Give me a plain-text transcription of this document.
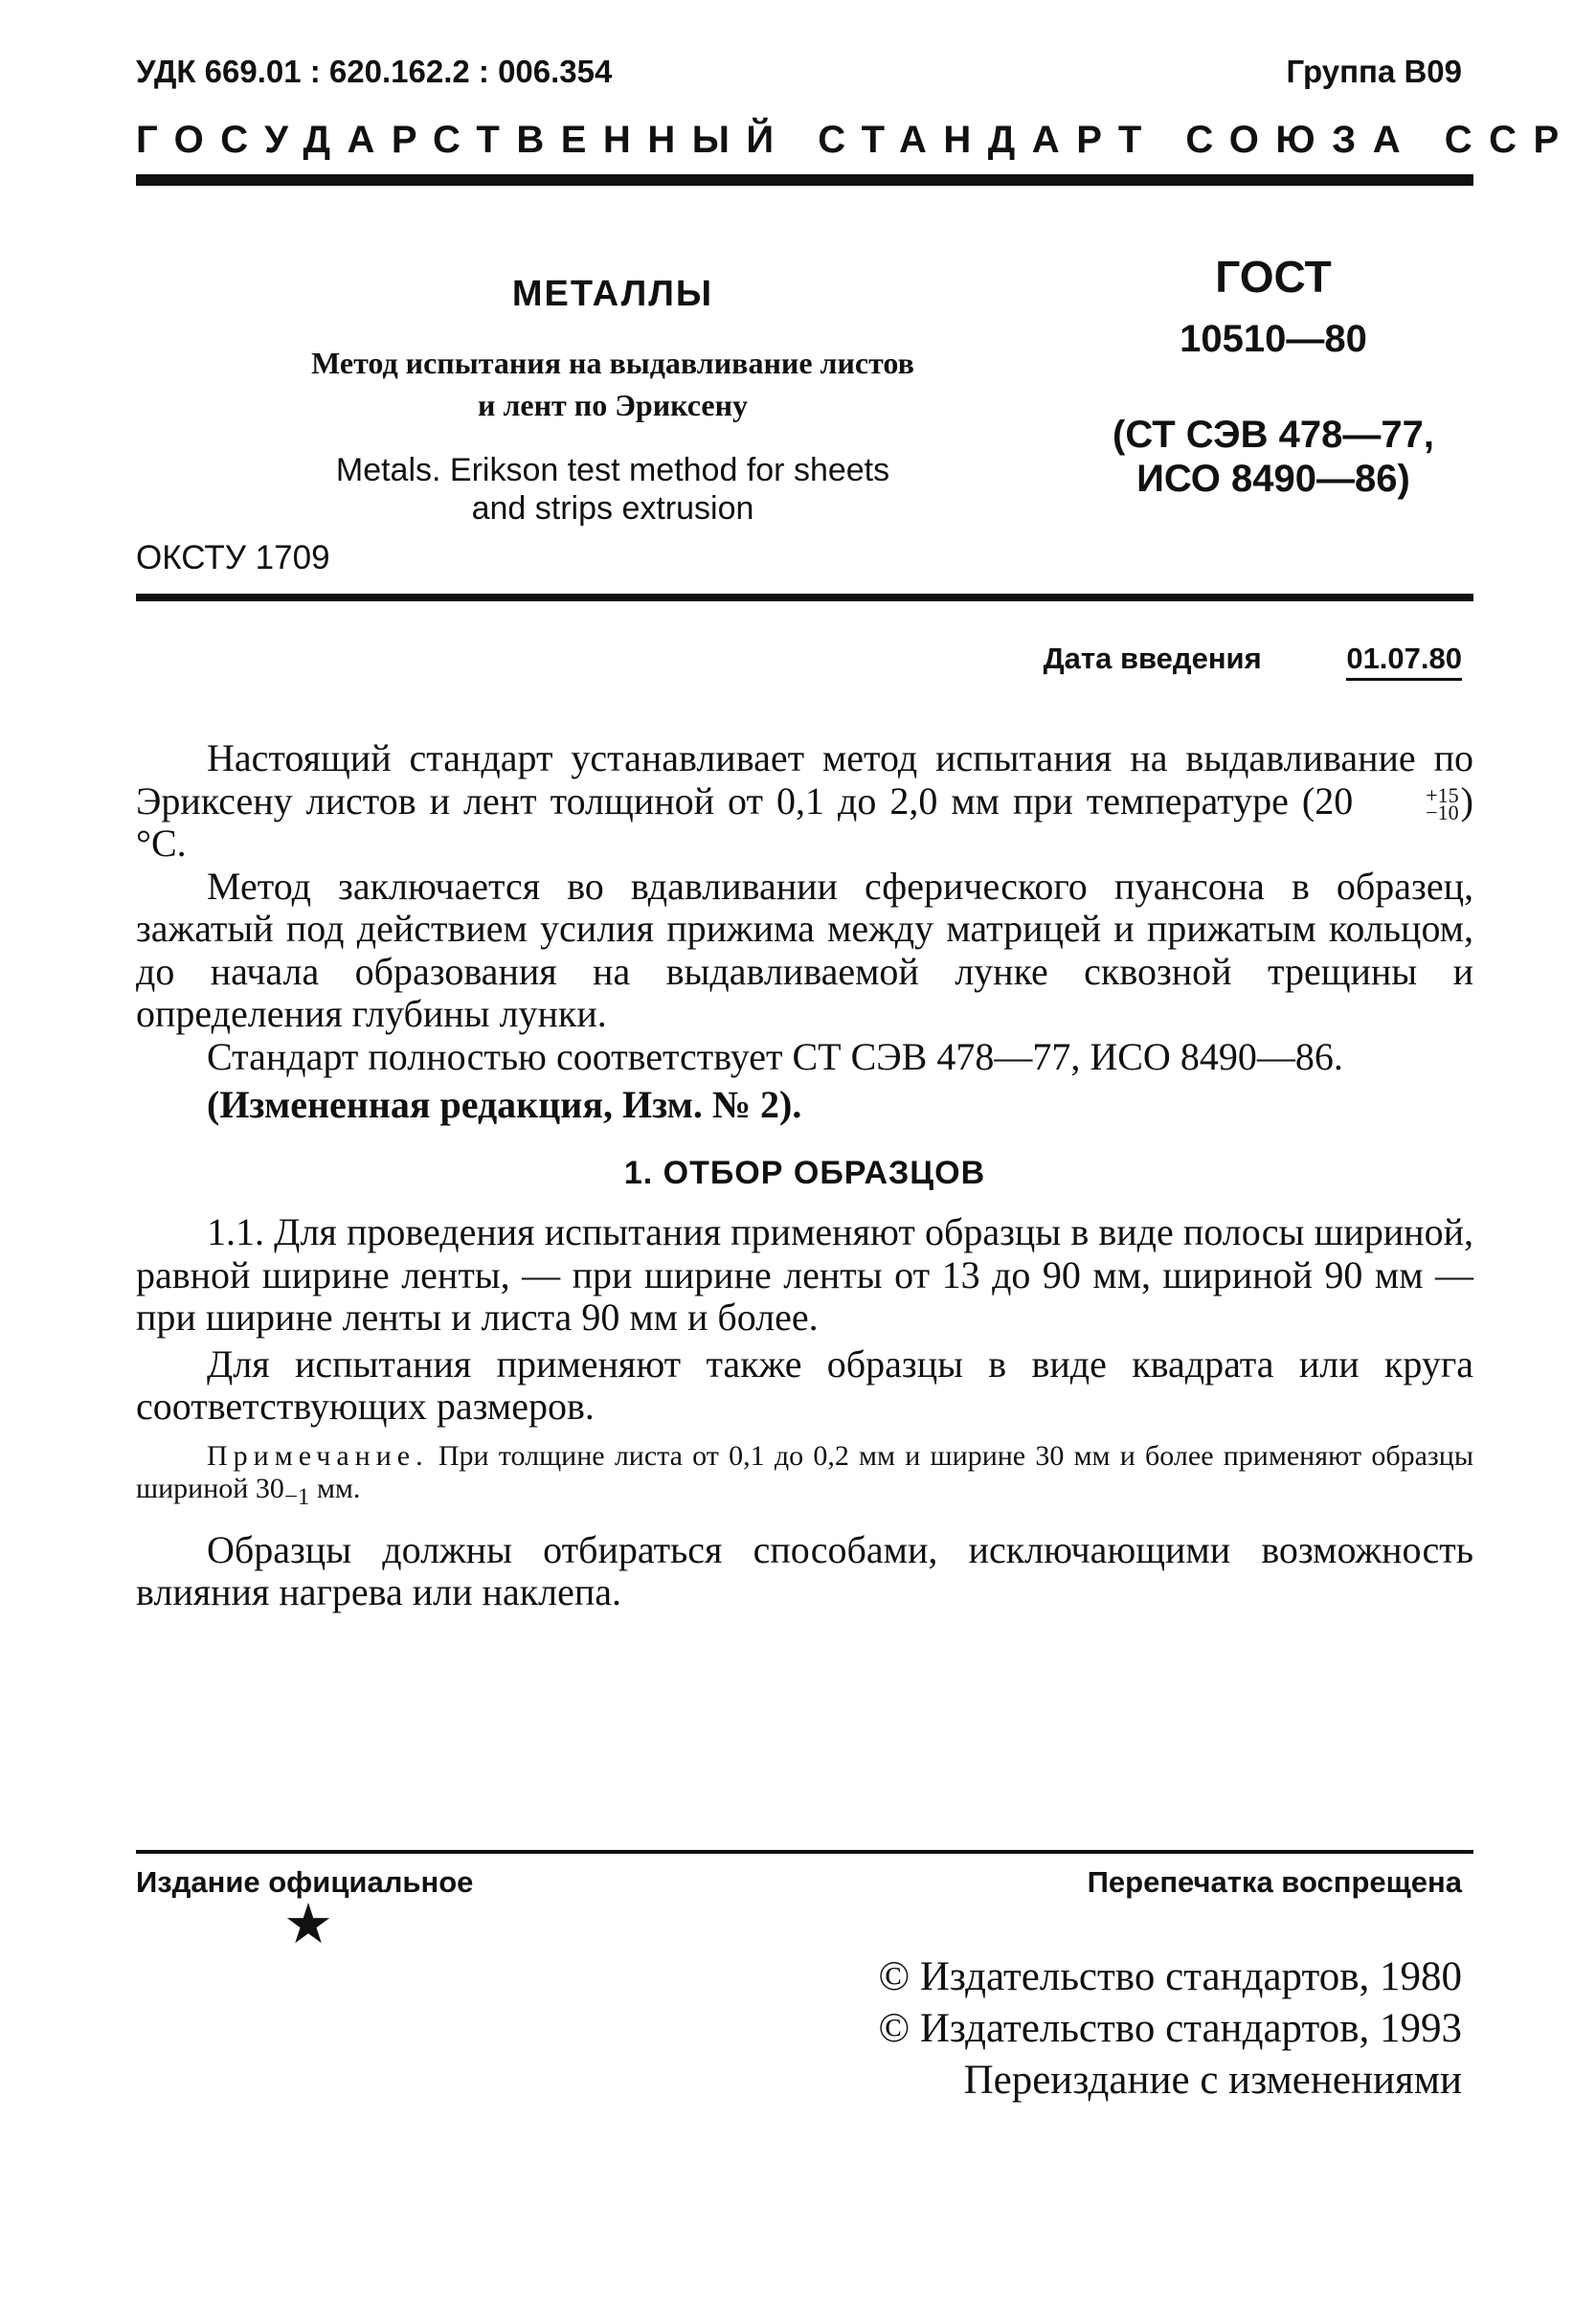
УДК 669.01 : 620.162.2 : 006.354	Группа В09
ГОСУДАРСТВЕННЫЙ СТАНДАРТ СОЮЗА ССР
МЕТАЛЛЫ
Метод испытания на выдавливание листов
и лент по Эриксену
Metals. Erikson test method for sheets
and strips extrusion
ГОСТ
10510—80
(СТ СЭВ 478—77,
ИСО 8490—86)
ОКСТУ 1709
Дата введения	01.07.80

Настоящий стандарт устанавливает метод испытания на выдавливание по Эриксену листов и лент толщиной от 0,1 до 2,0 мм при температуре (20	+15
−10 )°С.

Метод заключается во вдавливании сферического пуансона в образец, зажатый под действием усилия прижима между матрицей и прижатым кольцом, до начала образования на выдавливаемой лунке сквозной трещины и определения глубины лунки.

Стандарт полностью соответствует СТ СЭВ 478—77, ИСО 8490—86.

(Измененная редакция, Изм. № 2).

1. ОТБОР ОБРАЗЦОВ

1.1. Для проведения испытания применяют образцы в виде полосы шириной, равной ширине ленты, — при ширине ленты от 13 до 90 мм, шириной 90 мм — при ширине ленты и листа 90 мм и более.

Для испытания применяют также образцы в виде квадрата или круга соответствующих размеров.

Примечание. При толщине листа от 0,1 до 0,2 мм и ширине 30 мм и более применяют образцы шириной $30_{-1}$ мм.

Образцы должны отбираться способами, исключающими возможность влияния нагрева или наклепа.

Издание официальное	Перепечатка воспрещена
★
© Издательство стандартов, 1980
© Издательство стандартов, 1993
Переиздание с изменениями
